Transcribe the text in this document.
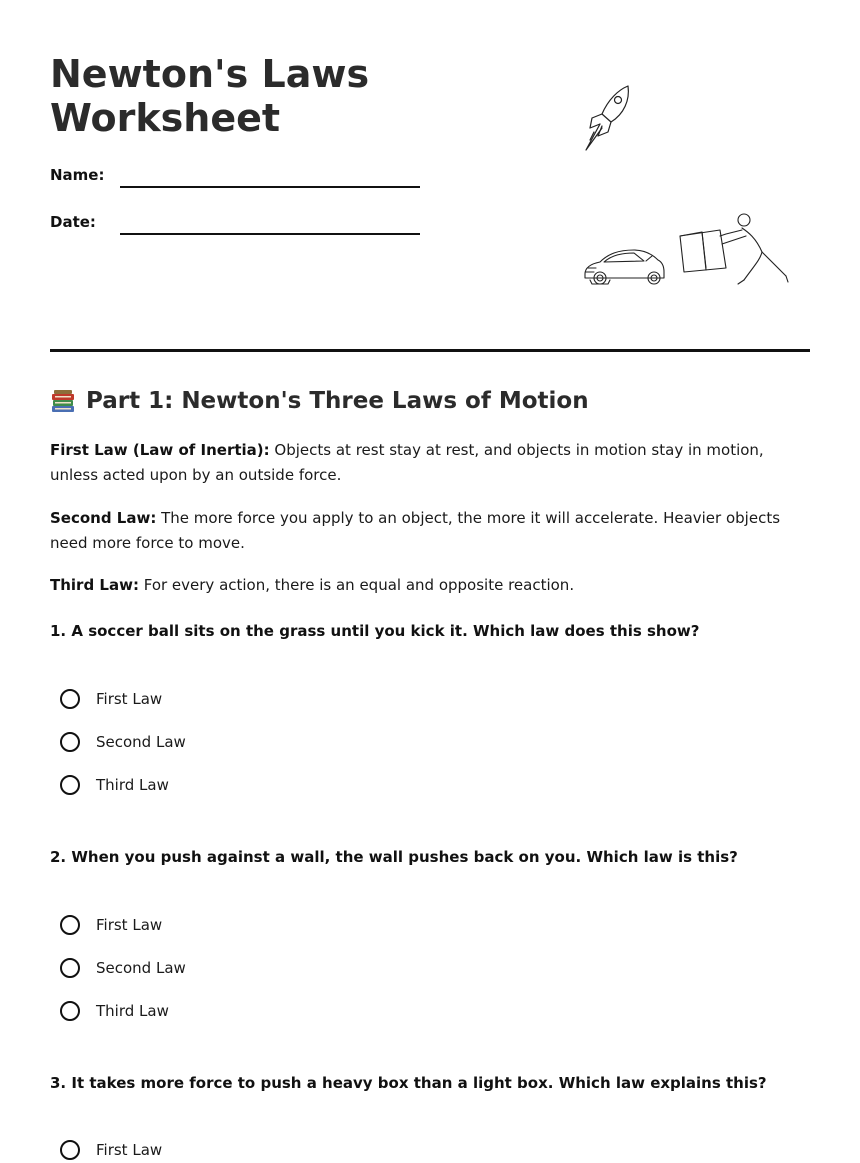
Newton's Laws
Worksheet
Name:
Date:
Part 1: Newton's Three Laws of Motion

First Law (Law of Inertia): Objects at rest stay at rest, and objects in motion stay in motion, unless acted upon by an outside force.

Second Law: The more force you apply to an object, the more it will accelerate. Heavier objects need more force to move.

Third Law: For every action, there is an equal and opposite reaction.

1. A soccer ball sits on the grass until you kick it. Which law does this show?

First Law
Second Law
Third Law

2. When you push against a wall, the wall pushes back on you. Which law is this?

First Law
Second Law
Third Law

3. It takes more force to push a heavy box than a light box. Which law explains this?

First Law
